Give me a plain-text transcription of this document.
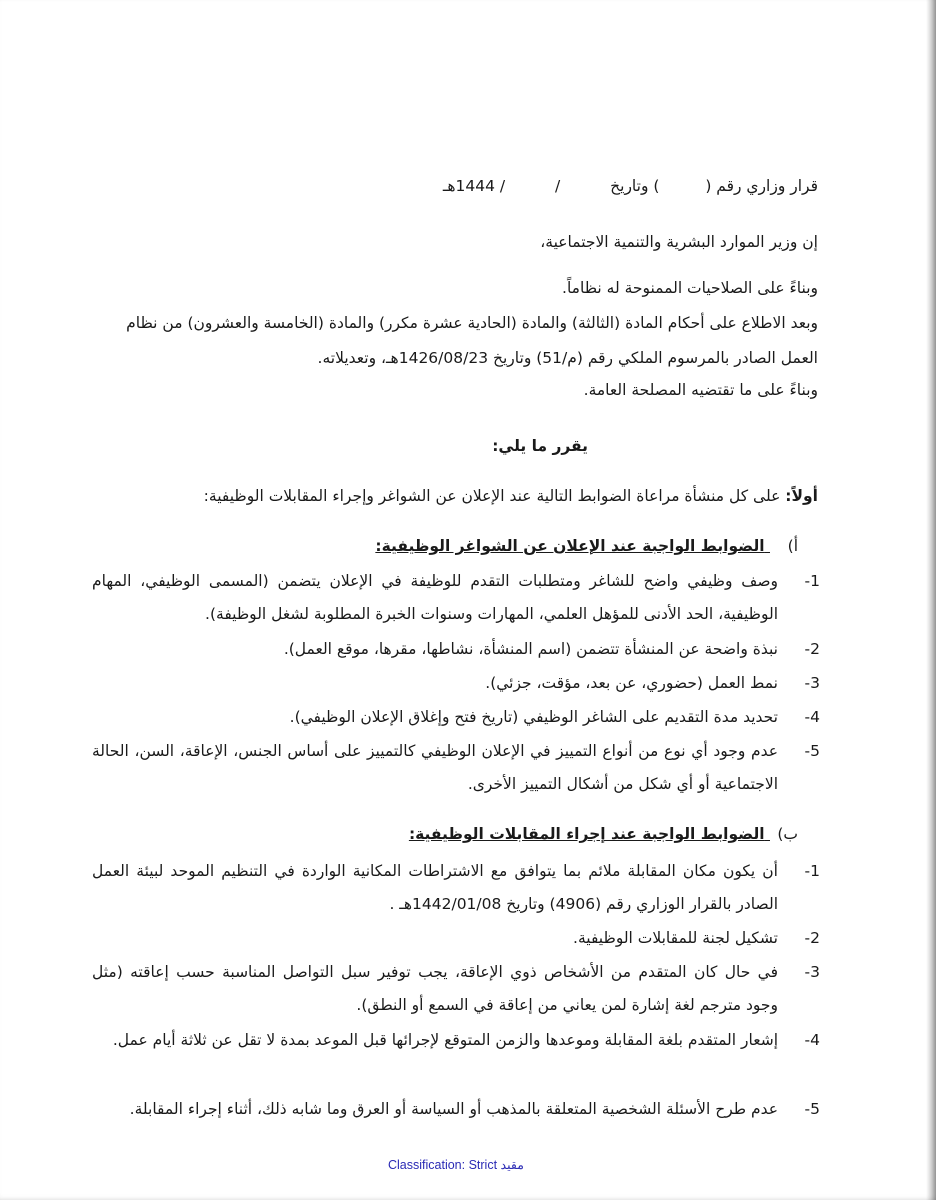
قرار وزاري رقم (  ) وتاريخ  /  / 1444هـ
إن وزير الموارد البشرية والتنمية الاجتماعية،
وبناءً على الصلاحيات الممنوحة له نظاماً.
وبعد الاطلاع على أحكام المادة (الثالثة) والمادة (الحادية عشرة مكرر) والمادة (الخامسة والعشرون) من نظام العمل الصادر بالمرسوم الملكي رقم (م/51) وتاريخ 1426/08/23هـ، وتعديلاته.
وبناءً على ما تقتضيه المصلحة العامة.
يقرر ما يلي:
أولاً: على كل منشأة مراعاة الضوابط التالية عند الإعلان عن الشواغر وإجراء المقابلات الوظيفية:
أ) الضوابط الواجبة عند الإعلان عن الشواغر الوظيفية:
-1
وصف وظيفي واضح للشاغر ومتطلبات التقدم للوظيفة في الإعلان يتضمن (المسمى الوظيفي، المهام الوظيفية، الحد الأدنى للمؤهل العلمي، المهارات وسنوات الخبرة المطلوبة لشغل الوظيفة).
-2
نبذة واضحة عن المنشأة تتضمن (اسم المنشأة، نشاطها، مقرها، موقع العمل).
-3
نمط العمل (حضوري، عن بعد، مؤقت، جزئي).
-4
تحديد مدة التقديم على الشاغر الوظيفي (تاريخ فتح وإغلاق الإعلان الوظيفي).
-5
عدم وجود أي نوع من أنواع التمييز في الإعلان الوظيفي كالتمييز على أساس الجنس، الإعاقة، السن، الحالة الاجتماعية أو أي شكل من أشكال التمييز الأخرى.
ب) الضوابط الواجبة عند إجراء المقابلات الوظيفية:
-1
أن يكون مكان المقابلة ملائم بما يتوافق مع الاشتراطات المكانية الواردة في التنظيم الموحد لبيئة العمل الصادر بالقرار الوزاري رقم (4906) وتاريخ 1442/01/08هـ .
-2
تشكيل لجنة للمقابلات الوظيفية.
-3
في حال كان المتقدم من الأشخاص ذوي الإعاقة، يجب توفير سبل التواصل المناسبة حسب إعاقته (مثل وجود مترجم لغة إشارة لمن يعاني من إعاقة في السمع أو النطق).
-4
إشعار المتقدم بلغة المقابلة وموعدها والزمن المتوقع لإجرائها قبل الموعد بمدة لا تقل عن ثلاثة أيام عمل.
-5
عدم طرح الأسئلة الشخصية المتعلقة بالمذهب أو السياسة أو العرق وما شابه ذلك، أثناء إجراء المقابلة.
Classification: Strict مقيد
